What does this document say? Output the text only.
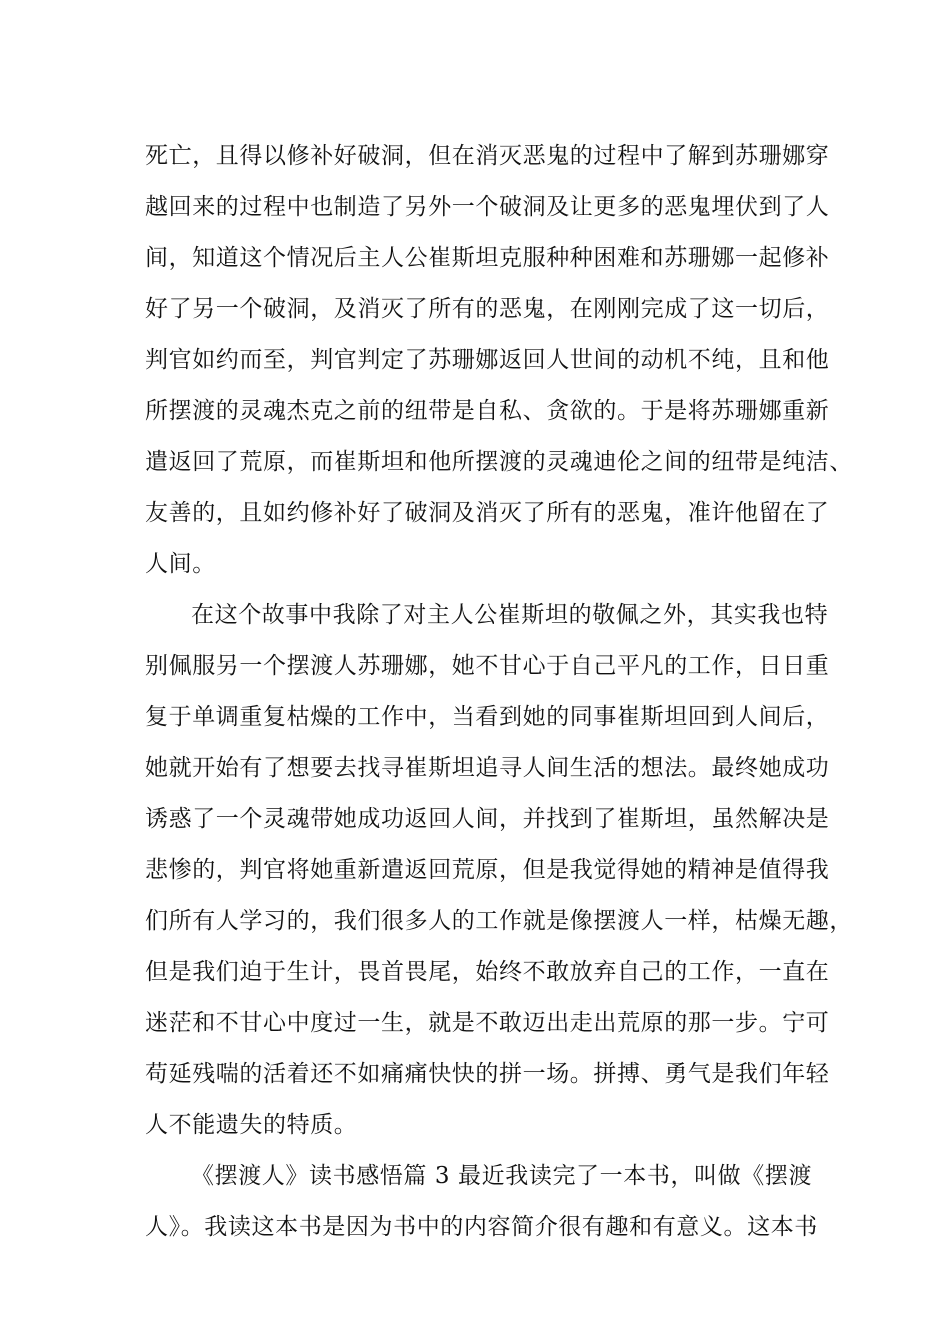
死亡，且得以修补好破洞，但在消灭恶鬼的过程中了解到苏珊娜穿
越回来的过程中也制造了另外一个破洞及让更多的恶鬼埋伏到了人
间，知道这个情况后主人公崔斯坦克服种种困难和苏珊娜一起修补
好了另一个破洞，及消灭了所有的恶鬼，在刚刚完成了这一切后，
判官如约而至，判官判定了苏珊娜返回人世间的动机不纯，且和他
所摆渡的灵魂杰克之前的纽带是自私、贪欲的。于是将苏珊娜重新
遣返回了荒原，而崔斯坦和他所摆渡的灵魂迪伦之间的纽带是纯洁、
友善的，且如约修补好了破洞及消灭了所有的恶鬼，准许他留在了
人间。
在这个故事中我除了对主人公崔斯坦的敬佩之外，其实我也特
别佩服另一个摆渡人苏珊娜，她不甘心于自己平凡的工作，日日重
复于单调重复枯燥的工作中，当看到她的同事崔斯坦回到人间后，
她就开始有了想要去找寻崔斯坦追寻人间生活的想法。最终她成功
诱惑了一个灵魂带她成功返回人间，并找到了崔斯坦，虽然解决是
悲惨的，判官将她重新遣返回荒原，但是我觉得她的精神是值得我
们所有人学习的，我们很多人的工作就是像摆渡人一样，枯燥无趣，
但是我们迫于生计，畏首畏尾，始终不敢放弃自己的工作，一直在
迷茫和不甘心中度过一生，就是不敢迈出走出荒原的那一步。宁可
苟延残喘的活着还不如痛痛快快的拼一场。拼搏、勇气是我们年轻
人不能遗失的特质。
《摆渡人》读书感悟篇 3 最近我读完了一本书，叫做《摆渡
人》。我读这本书是因为书中的内容简介很有趣和有意义。这本书
